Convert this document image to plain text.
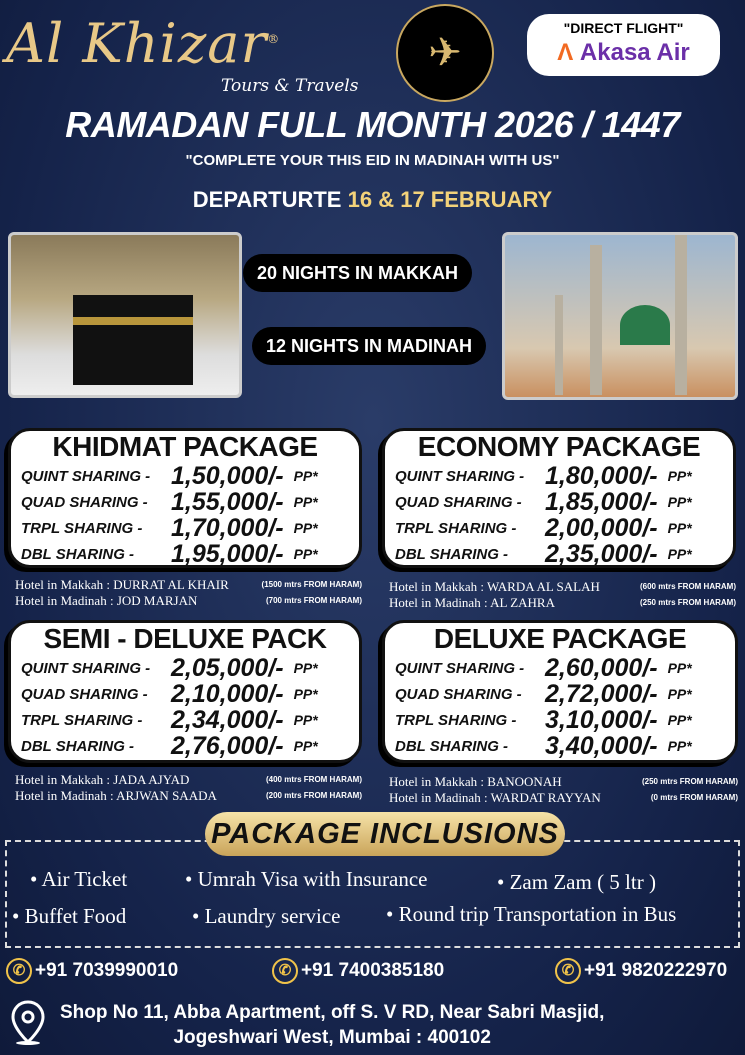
Al Khizar®
Tours & Travels
✈
"DIRECT FLIGHT"
Λ Akasa Air
RAMADAN FULL MONTH 2026 / 1447
"COMPLETE YOUR THIS EID IN MADINAH WITH US"
DEPARTURTE 16 & 17 FEBRUARY
20 NIGHTS IN MAKKAH
12 NIGHTS IN MADINAH
KHIDMAT PACKAGE
QUINT SHARING - 1,50,000/- PP*
QUAD SHARING - 1,55,000/- PP*
TRPL SHARING -	1,70,000/- PP*
DBL SHARING -	1,95,000/- PP*
Hotel in Makkah : DURRAT AL KHAIR	(1500 mtrs FROM HARAM)
Hotel in Madinah : JOD MARJAN	(700 mtrs FROM HARAM)
ECONOMY PACKAGE
QUINT SHARING - 1,80,000/- PP*
QUAD SHARING - 1,85,000/- PP*
TRPL SHARING -	2,00,000/- PP*
DBL SHARING -	2,35,000/- PP*
Hotel in Makkah : WARDA AL SALAH	(600 mtrs FROM HARAM)
Hotel in Madinah : AL ZAHRA	(250 mtrs FROM HARAM)
SEMI - DELUXE PACK
QUINT SHARING - 2,05,000/- PP*
QUAD SHARING - 2,10,000/- PP*
TRPL SHARING -	2,34,000/- PP*
DBL SHARING -	2,76,000/- PP*
Hotel in Makkah : JADA AJYAD	(400 mtrs FROM HARAM)
Hotel in Madinah : ARJWAN SAADA	(200 mtrs FROM HARAM)
DELUXE PACKAGE
QUINT SHARING - 2,60,000/- PP*
QUAD SHARING - 2,72,000/- PP*
TRPL SHARING -	3,10,000/- PP*
DBL SHARING -	3,40,000/- PP*
Hotel in Makkah : BANOONAH	(250 mtrs FROM HARAM)
Hotel in Madinah : WARDAT RAYYAN	(0 mtrs FROM HARAM)
PACKAGE INCLUSIONS
• Air Ticket	• Umrah Visa with Insurance	• Zam Zam ( 5 ltr )
• Buffet Food	• Laundry service • Round trip Transportation in Bus
✆ +91 7039990010	✆ +91 7400385180	✆ +91 9820222970
Shop No 11, Abba Apartment, off S. V RD, Near Sabri Masjid,
Jogeshwari West, Mumbai : 400102
